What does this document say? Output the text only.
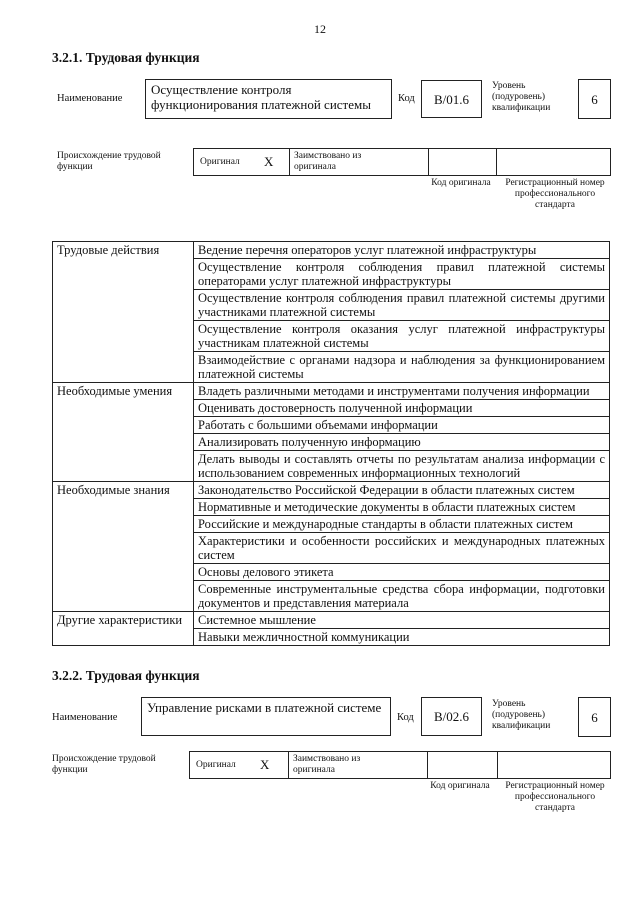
12
3.2.1. Трудовая функция
Наименование
Осуществление контроля функционирования платежной системы	Код	B/01.6
Уровень (подуровень) квалификации
6
Происхождение трудовой функции	Оригинал X Заимствовано из оригинала
Код оригинала	Регистрационный номер профессионального стандарта
Трудовые действия	Ведение перечня операторов услуг платежной инфраструктуры
	Осуществление контроля соблюдения правил платежной системы операторами услуг платежной инфраструктуры
	Осуществление контроля соблюдения правил платежной системы другими участниками платежной системы
	Осуществление контроля оказания услуг платежной инфраструктуры участникам платежной системы
	Взаимодействие с органами надзора и наблюдения за функционированием платежной системы
Необходимые умения	Владеть различными методами и инструментами получения информации
	Оценивать достоверность полученной информации
	Работать с большими объемами информации
	Анализировать полученную информацию
	Делать выводы и составлять отчеты по результатам анализа информации с использованием современных информационных технологий
Необходимые знания	Законодательство Российской Федерации в области платежных систем
	Нормативные и методические документы в области платежных систем
	Российские и международные стандарты в области платежных систем
	Характеристики и особенности российских и международных платежных систем
	Основы делового этикета
	Современные инструментальные средства сбора информации, подготовки документов и представления материала
Другие характеристики	Системное мышление
	Навыки межличностной коммуникации
3.2.2. Трудовая функция
Наименование
Управление рисками в платежной системе
Код	B/02.6
Уровень (подуровень) квалификации
6
Происхождение трудовой функции	Оригинал X Заимствовано из оригинала
Код оригинала	Регистрационный номер профессионального стандарта
